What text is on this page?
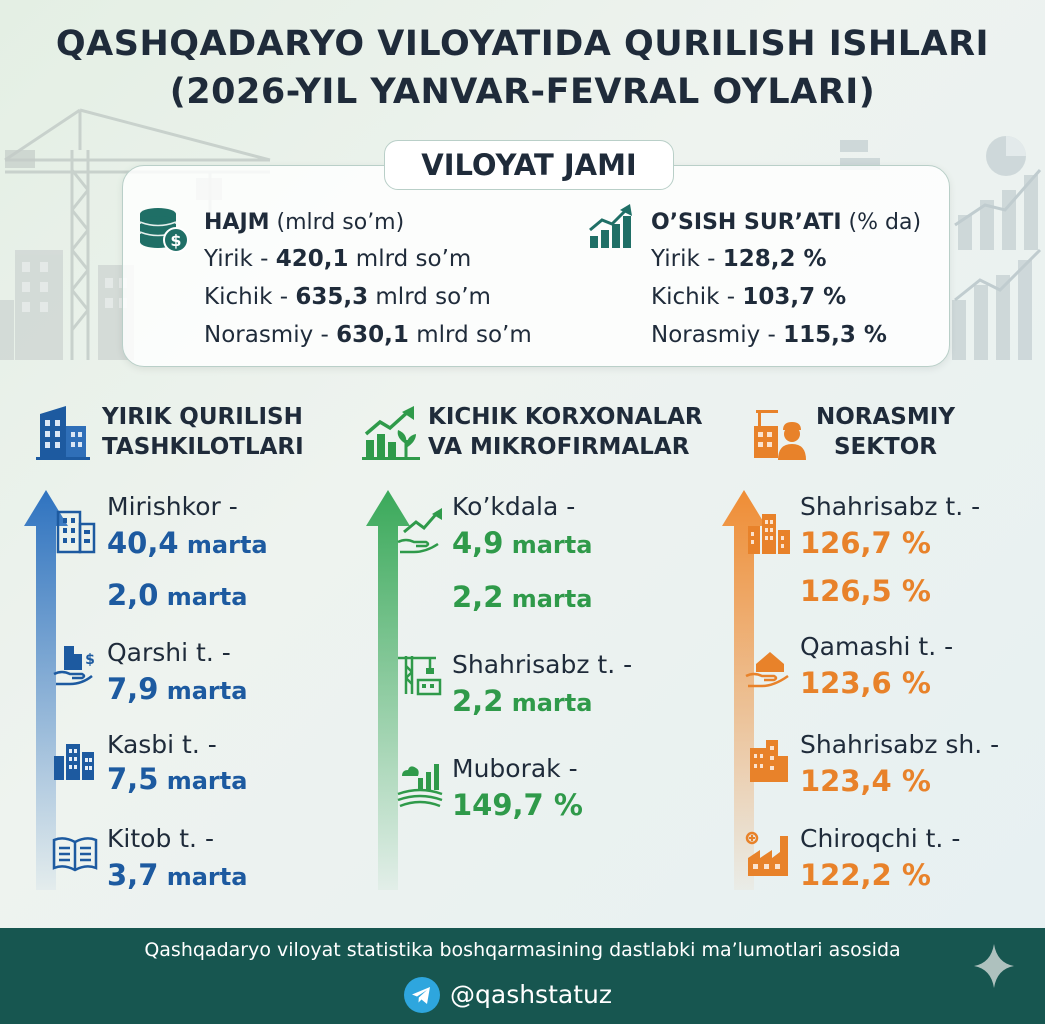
QASHQADARYO VILOYATIDA QURILISH ISHLARI
(2026-YIL YANVAR-FEVRAL OYLARI)
VILOYAT JAMI
$
HAJM (mlrd so’m)
Yirik - 420,1 mlrd so’m
Kichik - 635,3 mlrd so’m
Norasmiy - 630,1 mlrd so’m
O’SISH SUR’ATI (% da)
Yirik - 128,2 %
Kichik - 103,7 %
Norasmiy - 115,3 %
YIRIK QURILISH
TASHKILOTLARI
KICHIK KORXONALAR
VA MIKROFIRMALAR
NORASMIY
SEKTOR
Mirishkor -
40,4 marta
2,0 marta
$ Qarshi t. -
7,9 marta
Kasbi t. -
7,5 marta
Kitob t. -
3,7 marta
Ko’kdala -
4,9 marta
2,2 marta
Shahrisabz t. -
2,2 marta
Muborak -
149,7 %
Shahrisabz t. -
126,7 %
126,5 %
Qamashi t. -
123,6 %
Shahrisabz sh. -
123,4 %
Chiroqchi t. -
122,2 %
Qashqadaryo viloyat statistika boshqarmasining dastlabki ma’lumotlari asosida
@qashstatuz
